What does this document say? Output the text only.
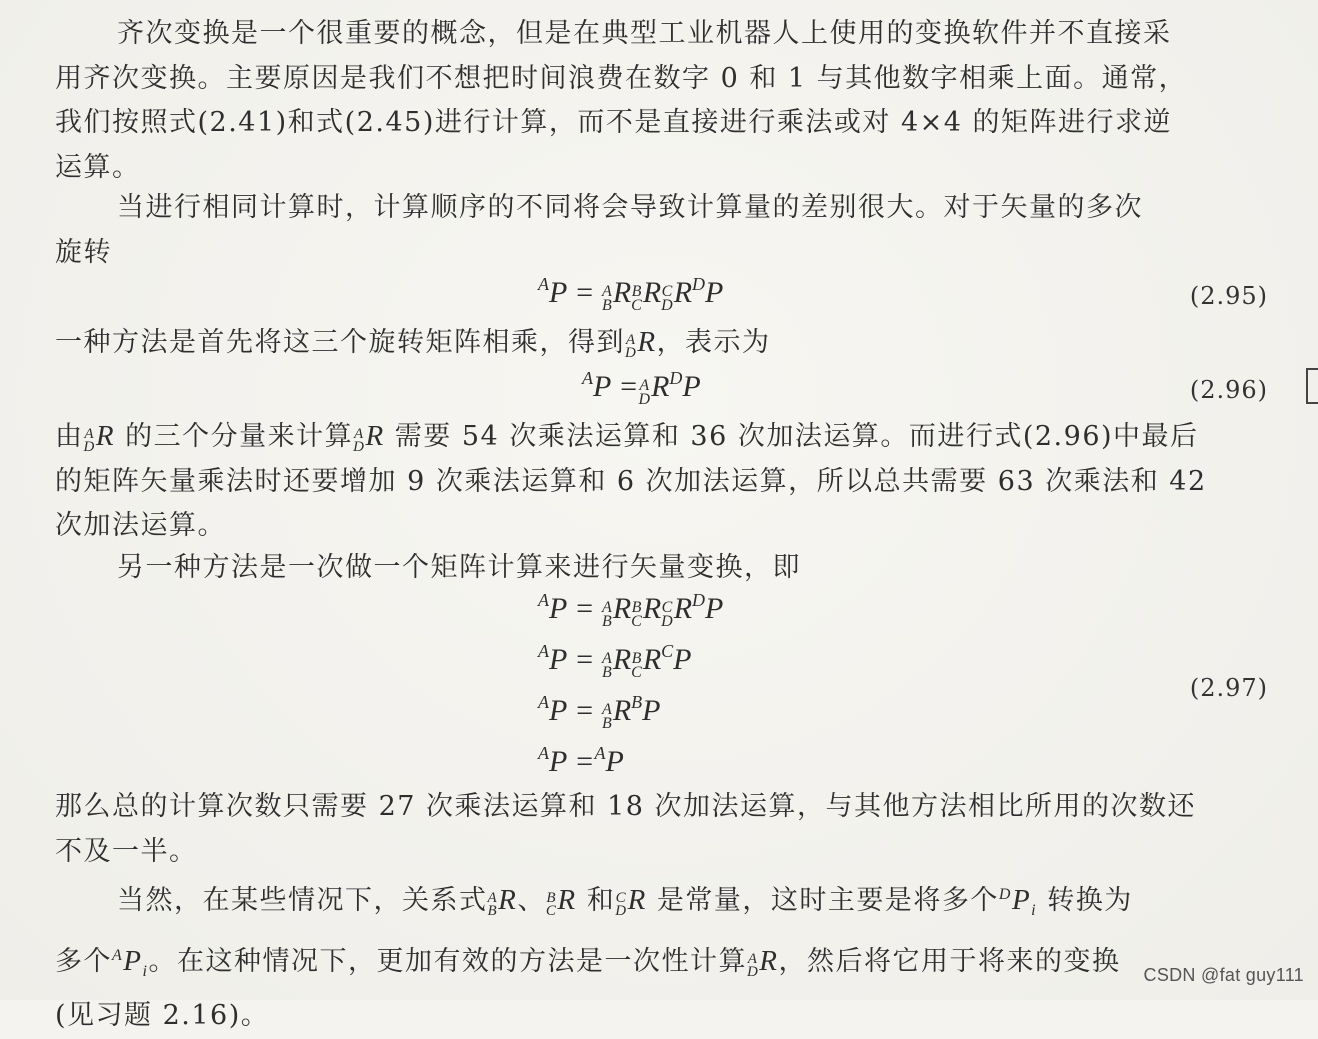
齐次变换是一个很重要的概念，但是在典型工业机器人上使用的变换软件并不直接采
用齐次变换。主要原因是我们不想把时间浪费在数字 0 和 1 与其他数字相乘上面。通常，
我们按照式(2.41)和式(2.45)进行计算，而不是直接进行乘法或对 4×4 的矩阵进行求逆
运算。
当进行相同计算时，计算顺序的不同将会导致计算量的差别很大。对于矢量的多次
旋转
$^A$P = A
B R B
C R C
D $R^DP$	(2.95)
一种方法是首先将这三个旋转矩阵相乘，得到 A
D R，表示为
$^A$P = A
D $R^DP$	(2.96)
由 A
D R 的三个分量来计算 A
D R 需要 54 次乘法运算和 36 次加法运算。而进行式(2.96)中最后
的矩阵矢量乘法时还要增加 9 次乘法运算和 6 次加法运算，所以总共需要 63 次乘法和 42
次加法运算。
另一种方法是一次做一个矩阵计算来进行矢量变换，即
$^A$P = A
B R B
C R C
D $R^DP$
$^A$P = A
B R B
C $R^CP$
$^A$P = A
B $R^BP$
$^A$P =$^A$P
(2.97)
那么总的计算次数只需要 27 次乘法运算和 18 次加法运算，与其他方法相比所用的次数还
不及一半。
当然，在某些情况下，关系式 A
B R、 B
C R 和 C
D R 是常量，这时主要是将多个$^DP_i$ 转换为
多个$^AP_i$。在这种情况下，更加有效的方法是一次性计算 A
D R，然后将它用于将来的变换
(见习题 2.16)。
CSDN @fat guy111
